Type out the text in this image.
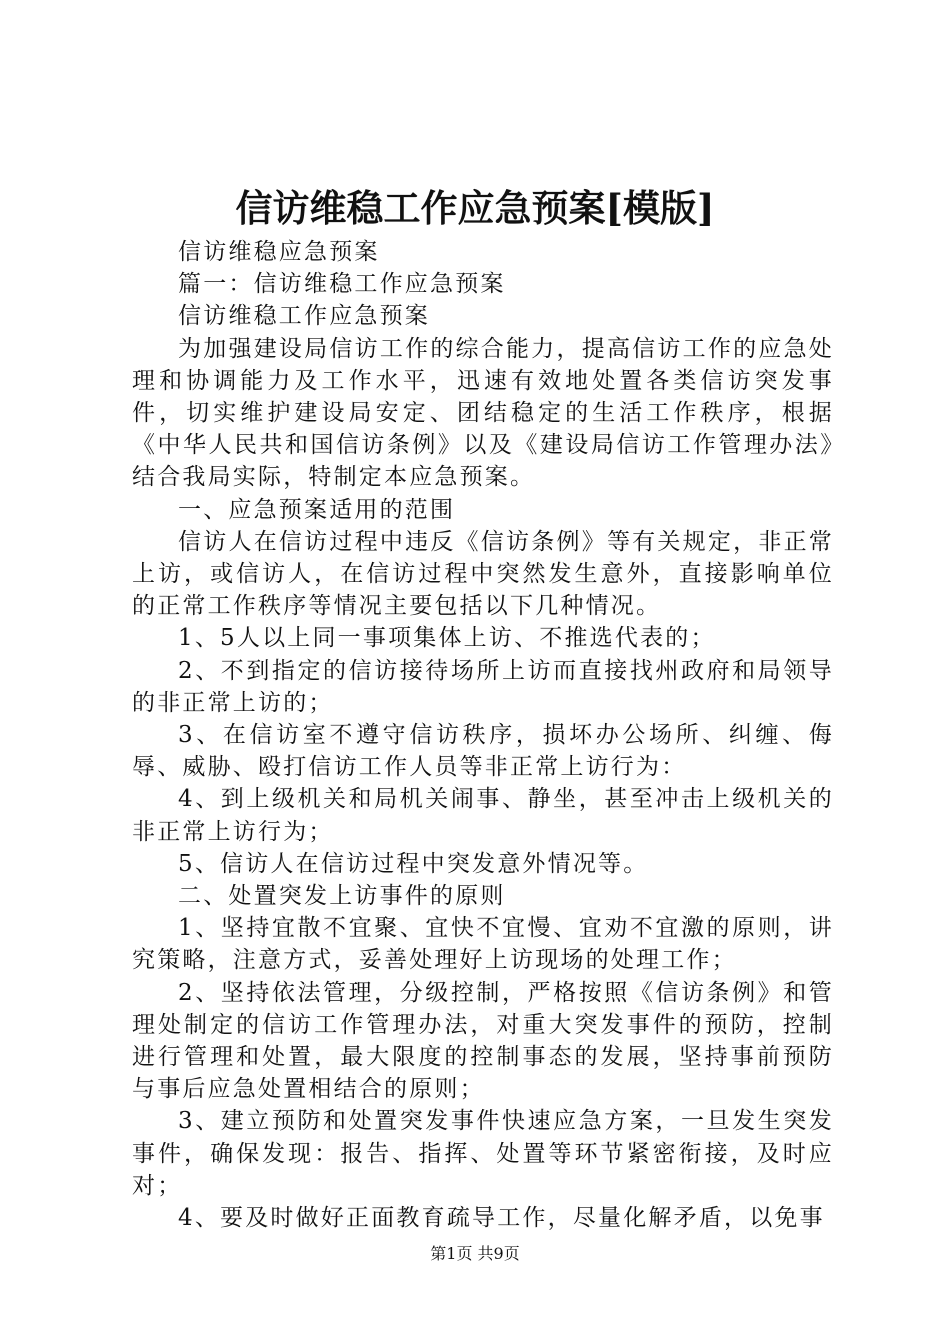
信访维稳工作应急预案[模版]

信访维稳应急预案

篇一：信访维稳工作应急预案

信访维稳工作应急预案

为加强建设局信访工作的综合能力，提高信访工作的应急处理和协调能力及工作水平，迅速有效地处置各类信访突发事件，切实维护建设局安定、团结稳定的生活工作秩序，根据《中华人民共和国信访条例》以及《建设局信访工作管理办法》结合我局实际，特制定本应急预案。

一、应急预案适用的范围

信访人在信访过程中违反《信访条例》等有关规定，非正常上访，或信访人，在信访过程中突然发生意外，直接影响单位的正常工作秩序等情况主要包括以下几种情况。

1、5人以上同一事项集体上访、不推选代表的；

2、不到指定的信访接待场所上访而直接找州政府和局领导的非正常上访的；

3、在信访室不遵守信访秩序，损坏办公场所、纠缠、侮辱、威胁、殴打信访工作人员等非正常上访行为：

4、到上级机关和局机关闹事、静坐，甚至冲击上级机关的非正常上访行为；

5、信访人在信访过程中突发意外情况等。

二、处置突发上访事件的原则

1、坚持宜散不宜聚、宜快不宜慢、宜劝不宜激的原则，讲究策略，注意方式，妥善处理好上访现场的处理工作；

2、坚持依法管理，分级控制，严格按照《信访条例》和管理处制定的信访工作管理办法，对重大突发事件的预防，控制进行管理和处置，最大限度的控制事态的发展，坚持事前预防与事后应急处置相结合的原则；

3、建立预防和处置突发事件快速应急方案，一旦发生突发事件，确保发现：报告、指挥、处置等环节紧密衔接，及时应对；

4、要及时做好正面教育疏导工作，尽量化解矛盾，以免事

第1页 共9页
